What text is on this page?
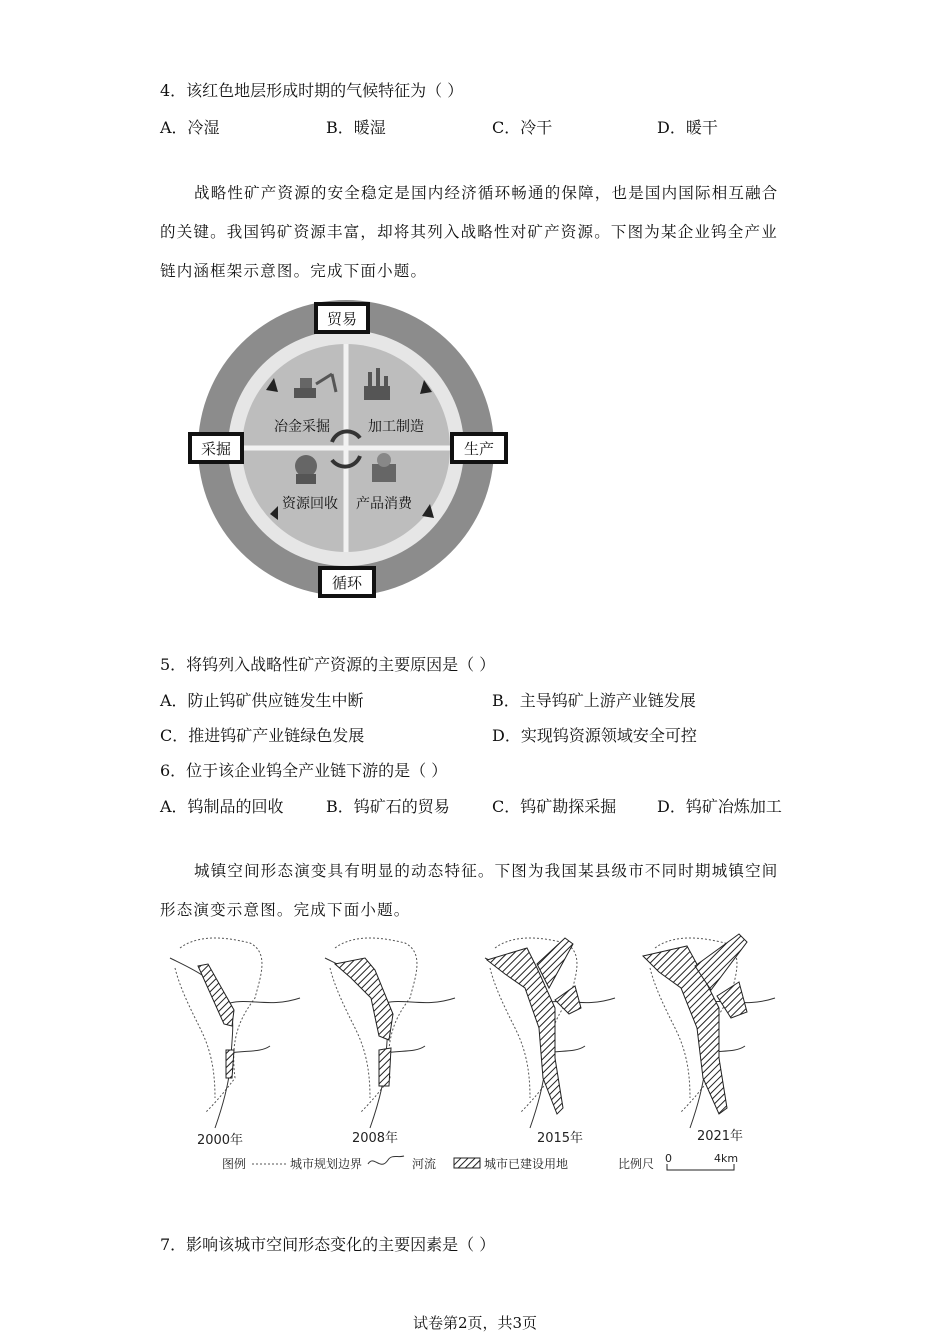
4．该红色地层形成时期的气候特征为（ ）
A．冷湿	B．暖湿	C．冷干	D．暖干
战略性矿产资源的安全稳定是国内经济循环畅通的保障，也是国内国际相互融合的关键。我国钨矿资源丰富，却将其列入战略性对矿产资源。下图为某企业钨全产业链内涵框架示意图。完成下面小题。
冶金采掘	加工制造
资源回收 产品消费
贸易
采掘	生产
循环
5．将钨列入战略性矿产资源的主要原因是（ ）
A．防止钨矿供应链发生中断	B．主导钨矿上游产业链发展
C．推进钨矿产业链绿色发展	D．实现钨资源领域安全可控
6．位于该企业钨全产业链下游的是（ ）
A．钨制品的回收	B．钨矿石的贸易	C．钨矿勘探采掘	D．钨矿冶炼加工
城镇空间形态演变具有明显的动态特征。下图为我国某县级市不同时期城镇空间形态演变示意图。完成下面小题。
2000年	2008年	2015年	2021年
图例	城市规划边界	河流	城市已建设用地	比例尺 0	4km
7．影响该城市空间形态变化的主要因素是（ ）
试卷第2页，共3页
